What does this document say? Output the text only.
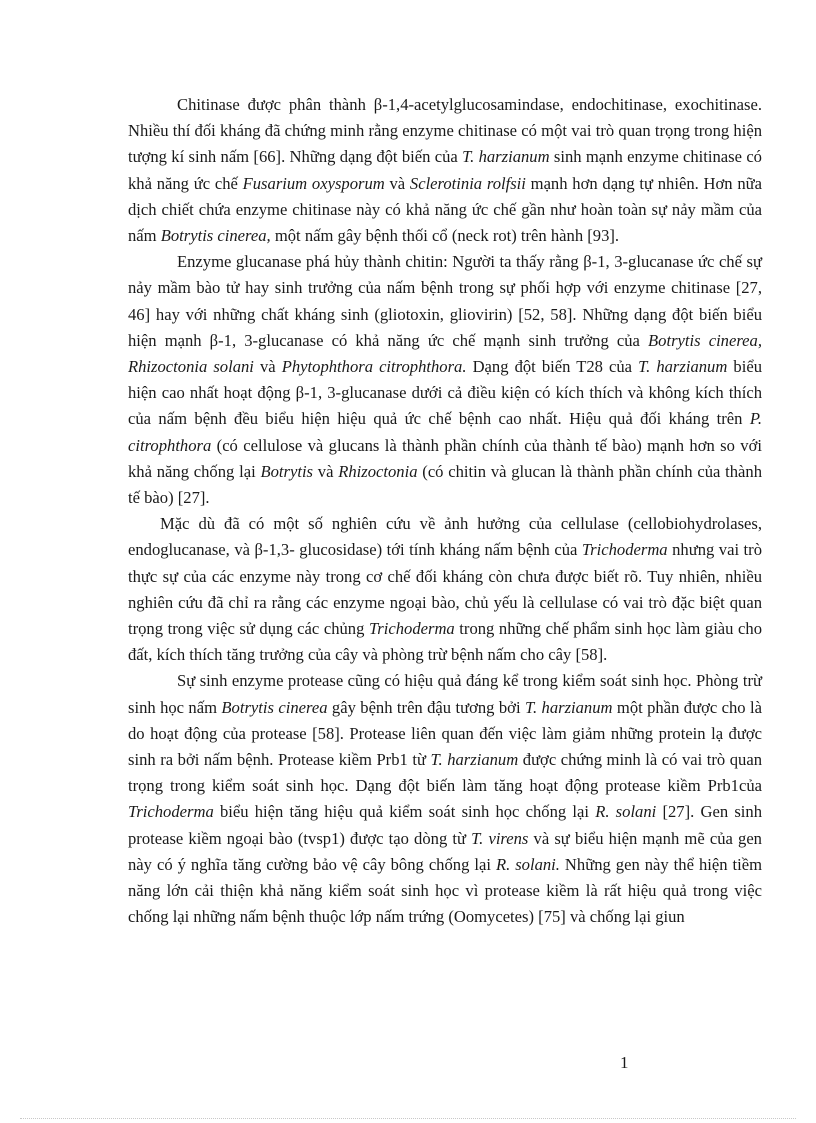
Chitinase được phân thành β-1,4-acetylglucosamindase, endochitinase, exochitinase. Nhiều thí đối kháng đã chứng minh rằng enzyme chitinase có một vai trò quan trọng trong hiện tượng kí sinh nấm [66]. Những dạng đột biến của T. harzianum sinh mạnh enzyme chitinase có khả năng ức chế Fusarium oxysporum và Sclerotinia rolfsii mạnh hơn dạng tự nhiên. Hơn nữa dịch chiết chứa enzyme chitinase này có khả năng ức chế gần như hoàn toàn sự nảy mầm của nấm Botrytis cinerea, một nấm gây bệnh thối cổ (neck rot) trên hành [93].

Enzyme glucanase phá hủy thành chitin: Người ta thấy rằng β-1, 3-glucanase ức chế sự nảy mầm bào tử hay sinh trưởng của nấm bệnh trong sự phối hợp với enzyme chitinase [27, 46] hay với những chất kháng sinh (gliotoxin, gliovirin) [52, 58]. Những dạng đột biến biểu hiện mạnh β-1, 3-glucanase có khả năng ức chế mạnh sinh trưởng của Botrytis cinerea, Rhizoctonia solani và Phytophthora citrophthora. Dạng đột biến T28 của T. harzianum biểu hiện cao nhất hoạt động β-1, 3-glucanase dưới cả điều kiện có kích thích và không kích thích của nấm bệnh đều biểu hiện hiệu quả ức chế bệnh cao nhất. Hiệu quả đối kháng trên P. citrophthora (có cellulose và glucans là thành phần chính của thành tế bào) mạnh hơn so với khả năng chống lại Botrytis và Rhizoctonia (có chitin và glucan là thành phần chính của thành tế bào) [27].

Mặc dù đã có một số nghiên cứu về ảnh hưởng của cellulase (cellobiohydrolases, endoglucanase, và β-1,3- glucosidase) tới tính kháng nấm bệnh của Trichoderma nhưng vai trò thực sự của các enzyme này trong cơ chế đối kháng còn chưa được biết rõ. Tuy nhiên, nhiều nghiên cứu đã chỉ ra rằng các enzyme ngoại bào, chủ yếu là cellulase có vai trò đặc biệt quan trọng trong việc sử dụng các chủng Trichoderma trong những chế phẩm sinh học làm giàu cho đất, kích thích tăng trưởng của cây và phòng trừ bệnh nấm cho cây [58].

Sự sinh enzyme protease cũng có hiệu quả đáng kể trong kiểm soát sinh học. Phòng trừ sinh học nấm Botrytis cinerea gây bệnh trên đậu tương bởi T. harzianum một phần được cho là do hoạt động của protease [58]. Protease liên quan đến việc làm giảm những protein lạ được sinh ra bởi nấm bệnh. Protease kiềm Prb1 từ T. harzianum được chứng minh là có vai trò quan trọng trong kiểm soát sinh học. Dạng đột biến làm tăng hoạt động protease kiềm Prb1của Trichoderma biểu hiện tăng hiệu quả kiểm soát sinh học chống lại R. solani [27]. Gen sinh protease kiềm ngoại bào (tvsp1) được tạo dòng từ T. virens và sự biểu hiện mạnh mẽ của gen này có ý nghĩa tăng cường bảo vệ cây bông chống lại R. solani. Những gen này thể hiện tiềm năng lớn cải thiện khả năng kiểm soát sinh học vì protease kiềm là rất hiệu quả trong việc chống lại những nấm bệnh thuộc lớp nấm trứng (Oomycetes) [75] và chống lại giun

1
